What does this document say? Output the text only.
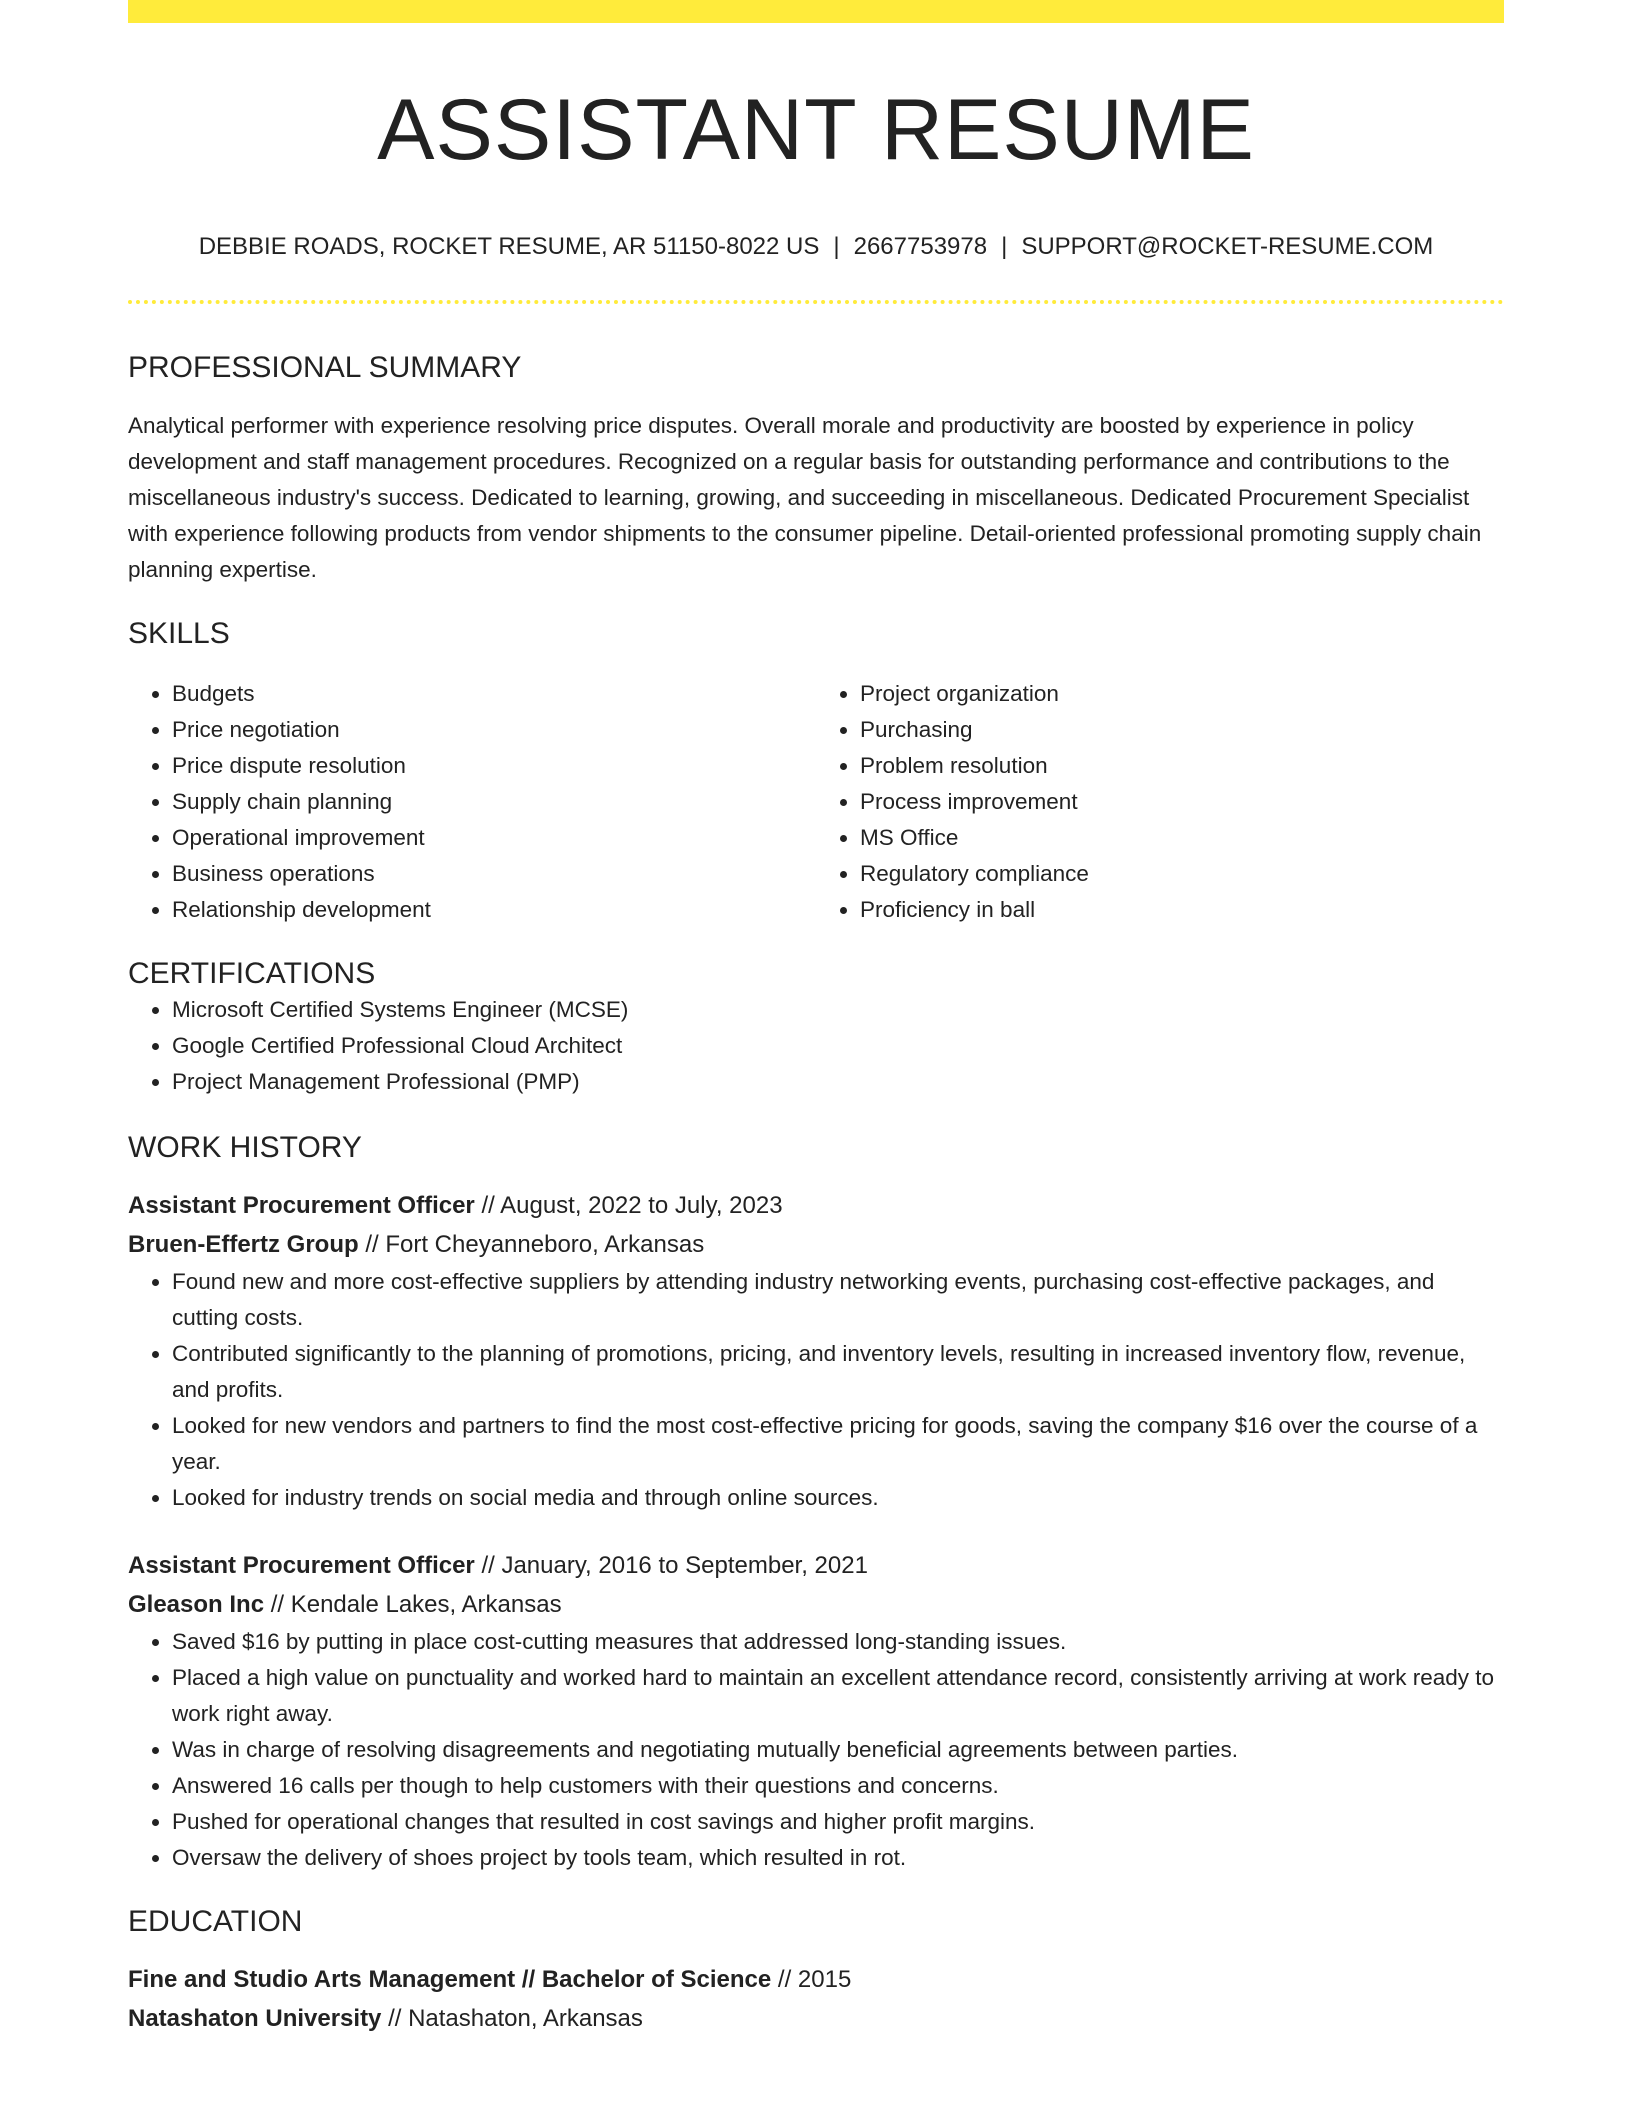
ASSISTANT RESUME
DEBBIE ROADS, ROCKET RESUME, AR 51150-8022 US | 2667753978 | SUPPORT@ROCKET-RESUME.COM
PROFESSIONAL SUMMARY
Analytical performer with experience resolving price disputes. Overall morale and productivity are boosted by experience in policy development and staff management procedures. Recognized on a regular basis for outstanding performance and contributions to the miscellaneous industry's success. Dedicated to learning, growing, and succeeding in miscellaneous. Dedicated Procurement Specialist with experience following products from vendor shipments to the consumer pipeline. Detail-oriented professional promoting supply chain planning expertise.
SKILLS
• Budgets
• Price negotiation
• Price dispute resolution
• Supply chain planning
• Operational improvement
• Business operations
• Relationship development
• Project organization
• Purchasing
• Problem resolution
• Process improvement
• MS Office
• Regulatory compliance
• Proficiency in ball
CERTIFICATIONS
• Microsoft Certified Systems Engineer (MCSE)
• Google Certified Professional Cloud Architect
• Project Management Professional (PMP)
WORK HISTORY
Assistant Procurement Officer // August, 2022 to July, 2023
Bruen-Effertz Group // Fort Cheyanneboro, Arkansas
• Found new and more cost-effective suppliers by attending industry networking events, purchasing cost-effective packages, and cutting costs.
• Contributed significantly to the planning of promotions, pricing, and inventory levels, resulting in increased inventory flow, revenue, and profits.
• Looked for new vendors and partners to find the most cost-effective pricing for goods, saving the company $16 over the course of a year.
• Looked for industry trends on social media and through online sources.
Assistant Procurement Officer // January, 2016 to September, 2021
Gleason Inc // Kendale Lakes, Arkansas
• Saved $16 by putting in place cost-cutting measures that addressed long-standing issues.
• Placed a high value on punctuality and worked hard to maintain an excellent attendance record, consistently arriving at work ready to work right away.
• Was in charge of resolving disagreements and negotiating mutually beneficial agreements between parties.
• Answered 16 calls per though to help customers with their questions and concerns.
• Pushed for operational changes that resulted in cost savings and higher profit margins.
• Oversaw the delivery of shoes project by tools team, which resulted in rot.
EDUCATION
Fine and Studio Arts Management // Bachelor of Science // 2015
Natashaton University // Natashaton, Arkansas
